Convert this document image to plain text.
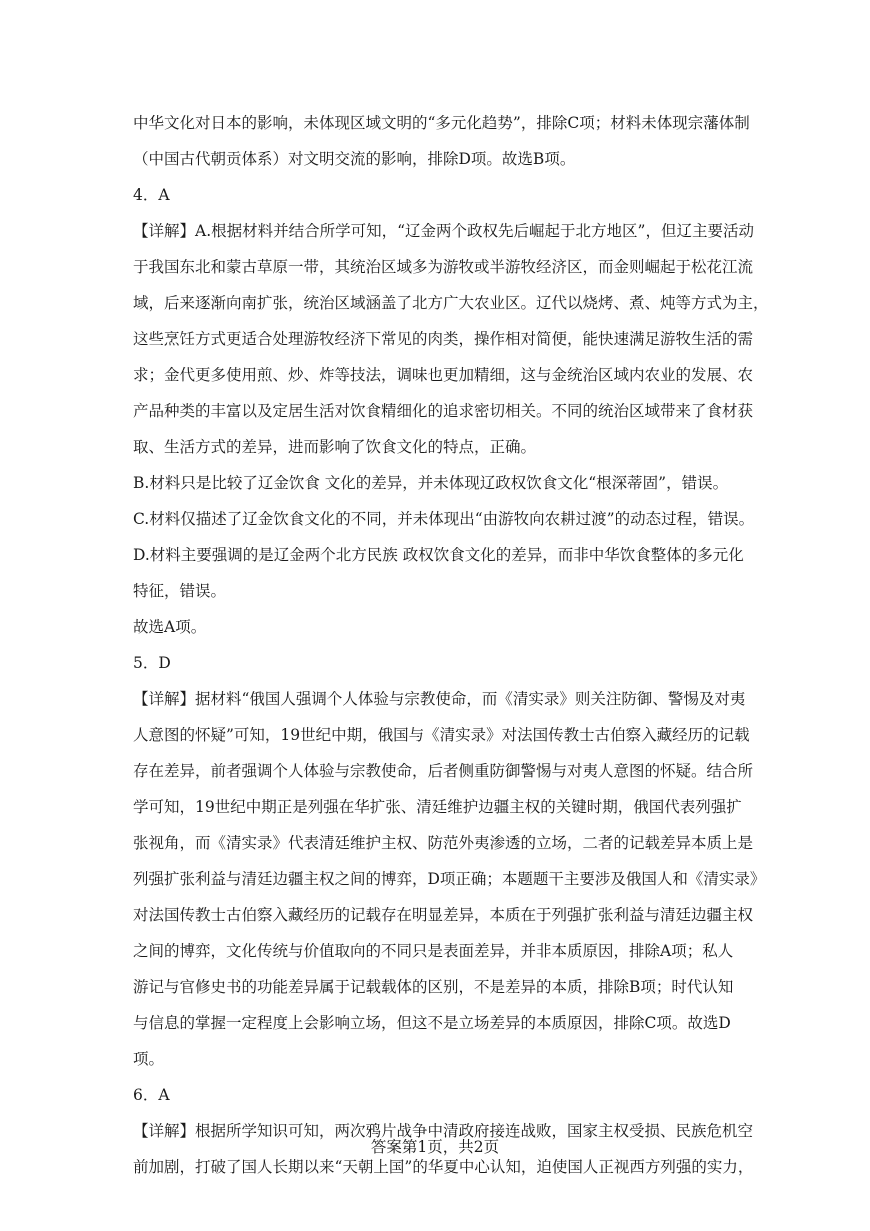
中华文化对日本的影响，未体现区域文明的“多元化趋势”，排除C项；材料未体现宗藩体制
（中国古代朝贡体系）对文明交流的影响，排除D项。故选B项。
4．A
【详解】A.根据材料并结合所学可知，“辽金两个政权先后崛起于北方地区”，但辽主要活动
于我国东北和蒙古草原一带，其统治区域多为游牧或半游牧经济区，而金则崛起于松花江流
域，后来逐渐向南扩张，统治区域涵盖了北方广大农业区。辽代以烧烤、煮、炖等方式为主，
这些烹饪方式更适合处理游牧经济下常见的肉类，操作相对简便，能快速满足游牧生活的需
求；金代更多使用煎、炒、炸等技法，调味也更加精细，这与金统治区域内农业的发展、农
产品种类的丰富以及定居生活对饮食精细化的追求密切相关。不同的统治区域带来了食材获
取、生活方式的差异，进而影响了饮食文化的特点，正确。
B.材料只是比较了辽金饮食 文化的差异，并未体现辽政权饮食文化“根深蒂固”，错误。
C.材料仅描述了辽金饮食文化的不同，并未体现出“由游牧向农耕过渡”的动态过程，错误。
D.材料主要强调的是辽金两个北方民族 政权饮食文化的差异，而非中华饮食整体的多元化
特征，错误。
故选A项。
5．D
【详解】据材料“俄国人强调个人体验与宗教使命，而《清实录》则关注防御、警惕及对夷
人意图的怀疑”可知，19世纪中期，俄国与《清实录》对法国传教士古伯察入藏经历的记载
存在差异，前者强调个人体验与宗教使命，后者侧重防御警惕与对夷人意图的怀疑。结合所
学可知，19世纪中期正是列强在华扩张、清廷维护边疆主权的关键时期，俄国代表列强扩
张视角，而《清实录》代表清廷维护主权、防范外夷渗透的立场，二者的记载差异本质上是
列强扩张利益与清廷边疆主权之间的博弈，D项正确；本题题干主要涉及俄国人和《清实录》
对法国传教士古伯察入藏经历的记载存在明显差异，本质在于列强扩张利益与清廷边疆主权
之间的博弈，文化传统与价值取向的不同只是表面差异，并非本质原因，排除A项；私人
游记与官修史书的功能差异属于记载载体的区别，不是差异的本质，排除B项；时代认知
与信息的掌握一定程度上会影响立场，但这不是立场差异的本质原因，排除C项。故选D
项。
6．A
【详解】根据所学知识可知，两次鸦片战争中清政府接连战败，国家主权受损、民族危机空
前加剧，打破了国人长期以来“天朝上国”的华夏中心认知，迫使国人正视西方列强的实力，
答案第1页，共2页
